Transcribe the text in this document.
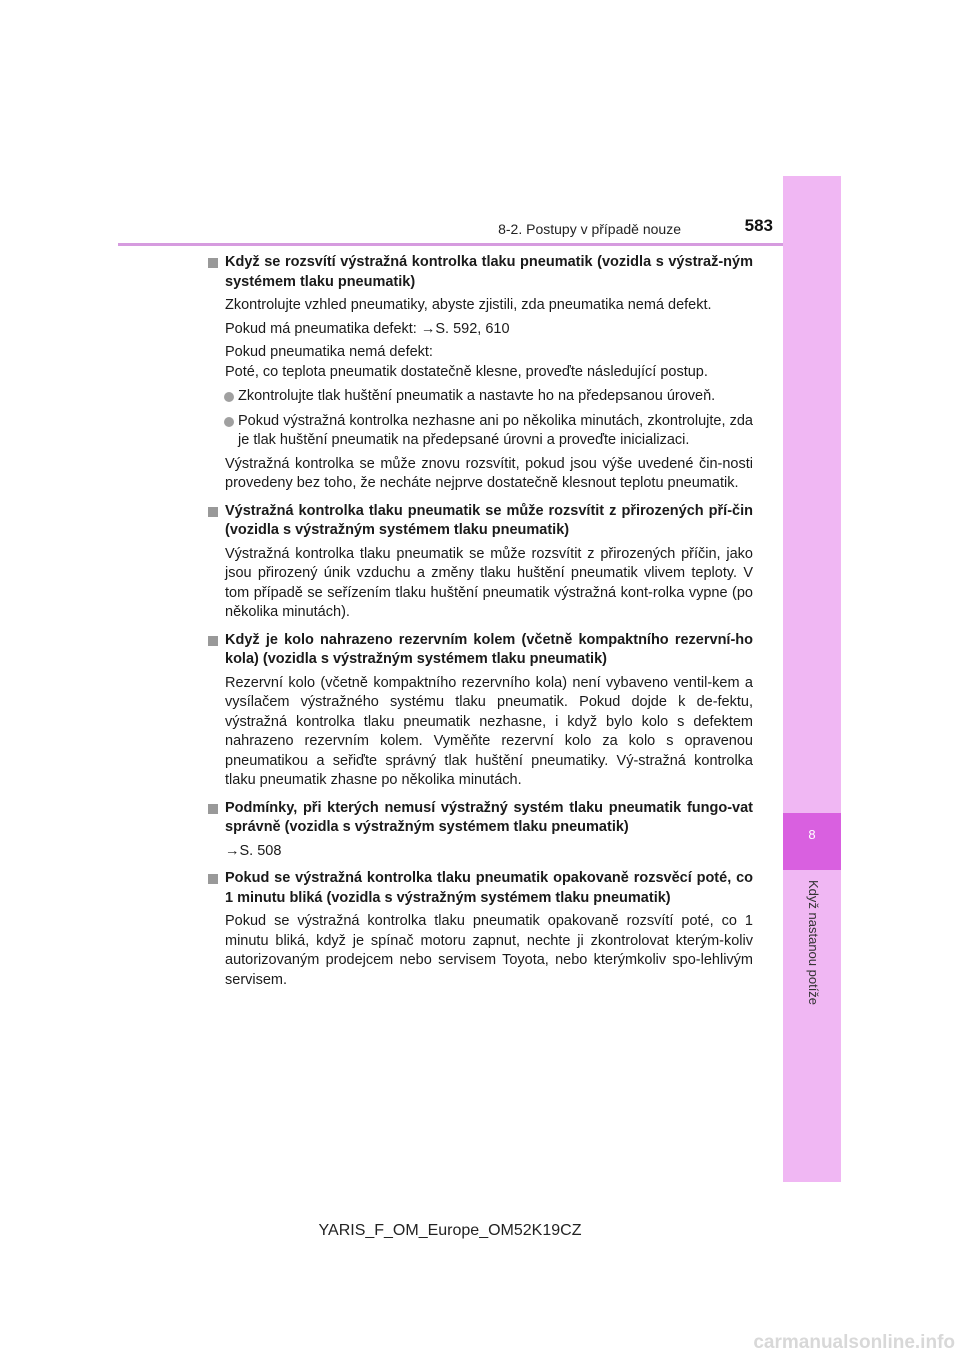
8
Když nastanou potíže
8-2. Postupy v případě nouze	583
Když se rozsvítí výstražná kontrolka tlaku pneumatik (vozidla s výstraž-ným systémem tlaku pneumatik)
Zkontrolujte vzhled pneumatiky, abyste zjistili, zda pneumatika nemá defekt.
Pokud má pneumatika defekt: →S. 592, 610
Pokud pneumatika nemá defekt:
Poté, co teplota pneumatik dostatečně klesne, proveďte následující postup.
Zkontrolujte tlak huštění pneumatik a nastavte ho na předepsanou úroveň.
Pokud výstražná kontrolka nezhasne ani po několika minutách, zkontrolujte, zda je tlak huštění pneumatik na předepsané úrovni a proveďte inicializaci.
Výstražná kontrolka se může znovu rozsvítit, pokud jsou výše uvedené čin-nosti provedeny bez toho, že necháte nejprve dostatečně klesnout teplotu pneumatik.
Výstražná kontrolka tlaku pneumatik se může rozsvítit z přirozených pří-čin (vozidla s výstražným systémem tlaku pneumatik)
Výstražná kontrolka tlaku pneumatik se může rozsvítit z přirozených příčin, jako jsou přirozený únik vzduchu a změny tlaku huštění pneumatik vlivem teploty. V tom případě se seřízením tlaku huštění pneumatik výstražná kont-rolka vypne (po několika minutách).
Když je kolo nahrazeno rezervním kolem (včetně kompaktního rezervní-ho kola) (vozidla s výstražným systémem tlaku pneumatik)
Rezervní kolo (včetně kompaktního rezervního kola) není vybaveno ventil-kem a vysílačem výstražného systému tlaku pneumatik. Pokud dojde k de-fektu, výstražná kontrolka tlaku pneumatik nezhasne, i když bylo kolo s defektem nahrazeno rezervním kolem. Vyměňte rezervní kolo za kolo s opravenou pneumatikou a seřiďte správný tlak huštění pneumatiky. Vý-stražná kontrolka tlaku pneumatik zhasne po několika minutách.
Podmínky, při kterých nemusí výstražný systém tlaku pneumatik fungo-vat správně (vozidla s výstražným systémem tlaku pneumatik)
→S. 508
Pokud se výstražná kontrolka tlaku pneumatik opakovaně rozsvěcí poté, co 1 minutu bliká (vozidla s výstražným systémem tlaku pneumatik)
Pokud se výstražná kontrolka tlaku pneumatik opakovaně rozsvítí poté, co 1 minutu bliká, když je spínač motoru zapnut, nechte ji zkontrolovat kterým-koliv autorizovaným prodejcem nebo servisem Toyota, nebo kterýmkoliv spo-lehlivým servisem.
YARIS_F_OM_Europe_OM52K19CZ
carmanualsonline.info
